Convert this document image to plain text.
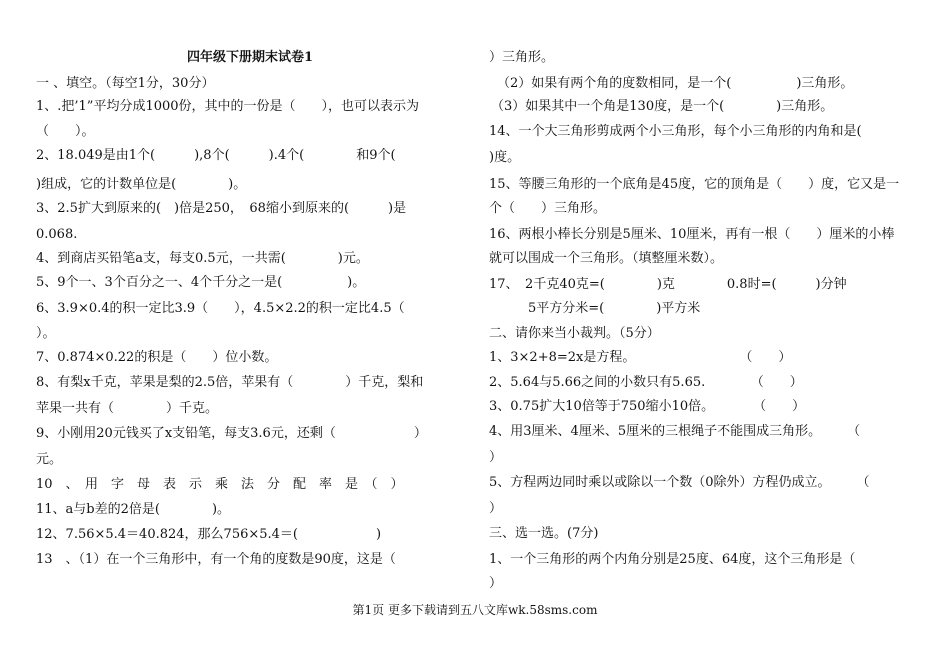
四年级下册期末试卷1
一 、填空。（每空1分，30分）
1、.把’1”平均分成1000份，其中的一份是（　　），也可以表示为
（　　）。
2、18.049是由1个(　　　),8个(　　　).4个(　　　　和9个(
)组成，它的计数单位是(　　　　)。
3、2.5扩大到原来的(　)倍是250，　68缩小到原来的(　　　)是
0.068.
4、到商店买铅笔a支，每支0.5元，一共需(　　　　)元。
5、9个一、3个百分之一、4个千分之一是(　　　　　)。
6、3.9×0.4的积一定比3.9（　　），4.5×2.2的积一定比4.5（
）。
7、0.874×0.22的积是（　　）位小数。
8、有梨x千克，苹果是梨的2.5倍，苹果有（　　　　）千克，梨和
苹果一共有（　　　　）千克。
9、小刚用20元钱买了x支铅笔，每支3.6元，还剩（　　　　　　）
元。
10　、　用　字　母　表　示　乘　法　分　配　率　是　（　）
11、a与b差的2倍是(　　　　)。
12、7.56×5.4＝40.824，那么756×5.4＝(　　　　　　)
13　、（1）在一个三角形中，有一个角的度数是90度，这是（
）三角形。
（2）如果有两个角的度数相同，是一个(　　　　　)三角形。
（3）如果其中一个角是130度，是一个(　　　　)三角形。
14、一个大三角形剪成两个小三角形，每个小三角形的内角和是(
)度。
15、等腰三角形的一个底角是45度，它的顶角是（　　）度，它又是一
个（　　）三角形。
16、两根小棒长分别是5厘米、10厘米，再有一根（　　）厘米的小棒
就可以围成一个三角形。（填整厘米数）。
17、　2千克40克=(　　　　)克　　　　0.8时=(　　　)分钟
　　　5平方分米=(　　　　)平方米
二、请你来当小裁判。（5分）
1、3×2+8=2x是方程。　　　　　　　　　（　　）
2、5.64与5.66之间的小数只有5.65.　　　　（　　）
3、0.75扩大10倍等于750缩小10倍。　　　　（　　）
4、用3厘米、4厘米、5厘米的三根绳子不能围成三角形。　　　（
）
5、方程两边同时乘以或除以一个数（0除外）方程仍成立。　　　（
）
三、选一选。(7分)
1、一个三角形的两个内角分别是25度、64度，这个三角形是（
）
第1页 更多下载请到五八文库wk.58sms.com
